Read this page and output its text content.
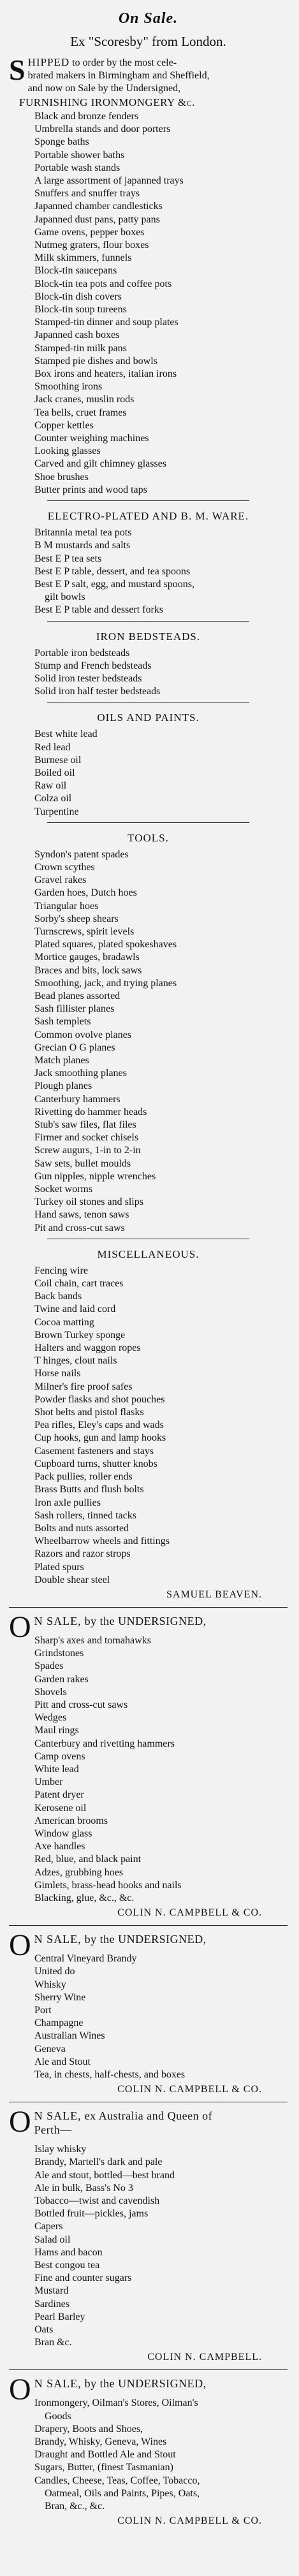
On Sale.
Ex "Scoresby" from London.
S HIPPED to order by the most cele-
brated makers in Birmingham and Sheffield,
and now on Sale by the Undersigned,
FURNISHING IRONMONGERY &c.
Black and bronze fenders
Umbrella stands and door porters
Sponge baths
Portable shower baths
Portable wash stands
A large assortment of japanned trays
Snuffers and snuffer trays
Japanned chamber candlesticks
Japanned dust pans, patty pans
Game ovens, pepper boxes
Nutmeg graters, flour boxes
Milk skimmers, funnels
Block-tin saucepans
Block-tin tea pots and coffee pots
Block-tin dish covers
Block-tin soup tureens
Stamped-tin dinner and soup plates
Japanned cash boxes
Stamped-tin milk pans
Stamped pie dishes and bowls
Box irons and heaters, italian irons
Smoothing irons
Jack cranes, muslin rods
Tea bells, cruet frames
Copper kettles
Counter weighing machines
Looking glasses
Carved and gilt chimney glasses
Shoe brushes
Butter prints and wood taps
ELECTRO-PLATED AND B. M. WARE.
Britannia metal tea pots
B M mustards and salts
Best E P tea sets
Best E P table, dessert, and tea spoons
Best E P salt, egg, and mustard spoons,
gilt bowls
Best E P table and dessert forks
IRON BEDSTEADS.
Portable iron bedsteads
Stump and French bedsteads
Solid iron tester bedsteads
Solid iron half tester bedsteads
OILS AND PAINTS.
Best white lead
Red lead
Burnese oil
Boiled oil
Raw oil
Colza oil
Turpentine
TOOLS.
Syndon's patent spades
Crown scythes
Gravel rakes
Garden hoes, Dutch hoes
Triangular hoes
Sorby's sheep shears
Turnscrews, spirit levels
Plated squares, plated spokeshaves
Mortice gauges, bradawls
Braces and bits, lock saws
Smoothing, jack, and trying planes
Bead planes assorted
Sash fillister planes
Sash templets
Common ovolve planes
Grecian O G planes
Match planes
Jack smoothing planes
Plough planes
Canterbury hammers
Rivetting do hammer heads
Stub's saw files, flat files
Firmer and socket chisels
Screw augurs, 1-in to 2-in
Saw sets, bullet moulds
Gun nipples, nipple wrenches
Socket worms
Turkey oil stones and slips
Hand saws, tenon saws
Pit and cross-cut saws
MISCELLANEOUS.
Fencing wire
Coil chain, cart traces
Back bands
Twine and laid cord
Cocoa matting
Brown Turkey sponge
Halters and waggon ropes
T hinges, clout nails
Horse nails
Milner's fire proof safes
Powder flasks and shot pouches
Shot belts and pistol flasks
Pea rifles, Eley's caps and wads
Cup hooks, gun and lamp hooks
Casement fasteners and stays
Cupboard turns, shutter knobs
Pack pullies, roller ends
Brass Butts and flush bolts
Iron axle pullies
Sash rollers, tinned tacks
Bolts and nuts assorted
Wheelbarrow wheels and fittings
Razors and razor strops
Plated spurs
Double shear steel
SAMUEL BEAVEN.
O N SALE, by the UNDERSIGNED,
Sharp's axes and tomahawks
Grindstones
Spades
Garden rakes
Shovels
Pitt and cross-cut saws
Wedges
Maul rings
Canterbury and rivetting hammers
Camp ovens
White lead
Umber
Patent dryer
Kerosene oil
American brooms
Window glass
Axe handles
Red, blue, and black paint
Adzes, grubbing hoes
Gimlets, brass-head hooks and nails
Blacking, glue, &c., &c.
COLIN N. CAMPBELL & CO.
O N SALE, by the UNDERSIGNED,
Central Vineyard Brandy
United do
Whisky
Sherry Wine
Port
Champagne
Australian Wines
Geneva
Ale and Stout
Tea, in chests, half-chests, and boxes
COLIN N. CAMPBELL & CO.
O N SALE, ex Australia and Queen of
Perth—
Islay whisky
Brandy, Martell's dark and pale
Ale and stout, bottled—best brand
Ale in bulk, Bass's No 3
Tobacco—twist and cavendish
Bottled fruit—pickles, jams
Capers
Salad oil
Hams and bacon
Best congou tea
Fine and counter sugars
Mustard
Sardines
Pearl Barley
Oats
Bran &c.
COLIN N. CAMPBELL.
O N SALE, by the UNDERSIGNED,
Ironmongery, Oilman's Stores, Oilman's
Goods
Drapery, Boots and Shoes,
Brandy, Whisky, Geneva, Wines
Draught and Bottled Ale and Stout
Sugars, Butter, (finest Tasmanian)
Candles, Cheese, Teas, Coffee, Tobacco,
Oatmeal, Oils and Paints, Pipes, Oats,
Bran, &c., &c.
COLIN N. CAMPBELL & CO.
